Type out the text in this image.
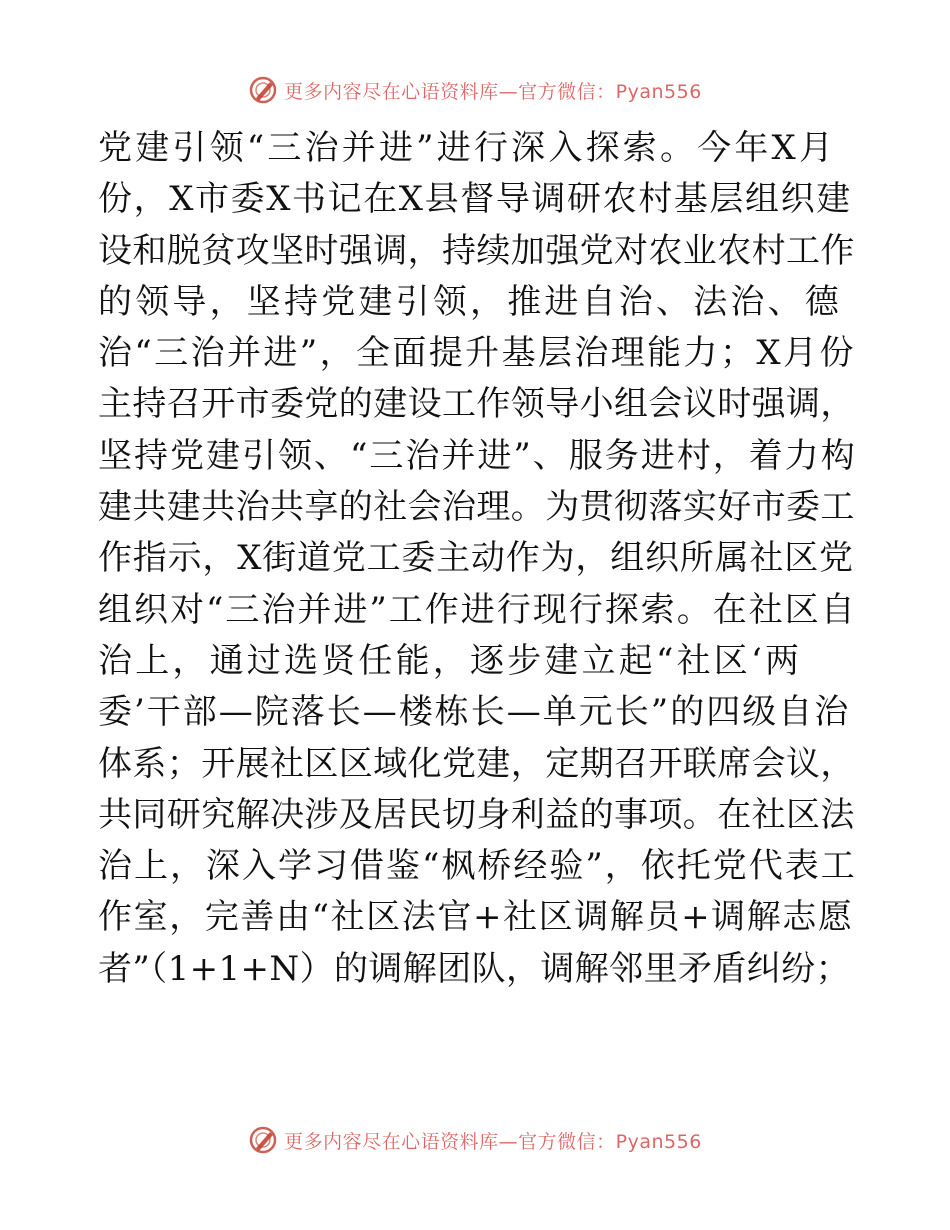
更多内容尽在心语资料库—官方微信：Pyan556
党建引领“三治并进”进行深入探索。今年X月
份，X市委X书记在X县督导调研农村基层组织建
设和脱贫攻坚时强调，持续加强党对农业农村工作
的领导，坚持党建引领，推进自治、法治、德
治“三治并进”，全面提升基层治理能力；X月份
主持召开市委党的建设工作领导小组会议时强调，
坚持党建引领、“三治并进”、服务进村，着力构
建共建共治共享的社会治理。为贯彻落实好市委工
作指示，X街道党工委主动作为，组织所属社区党
组织对“三治并进”工作进行现行探索。在社区自
治上，通过选贤任能，逐步建立起“社区‘两
委’干部—院落长—楼栋长—单元长”的四级自治
体系；开展社区区域化党建，定期召开联席会议，
共同研究解决涉及居民切身利益的事项。在社区法
治上，深入学习借鉴“枫桥经验”，依托党代表工
作室，完善由“社区法官+社区调解员+调解志愿
者”（1+1+N）的调解团队，调解邻里矛盾纠纷；
更多内容尽在心语资料库—官方微信：Pyan556
